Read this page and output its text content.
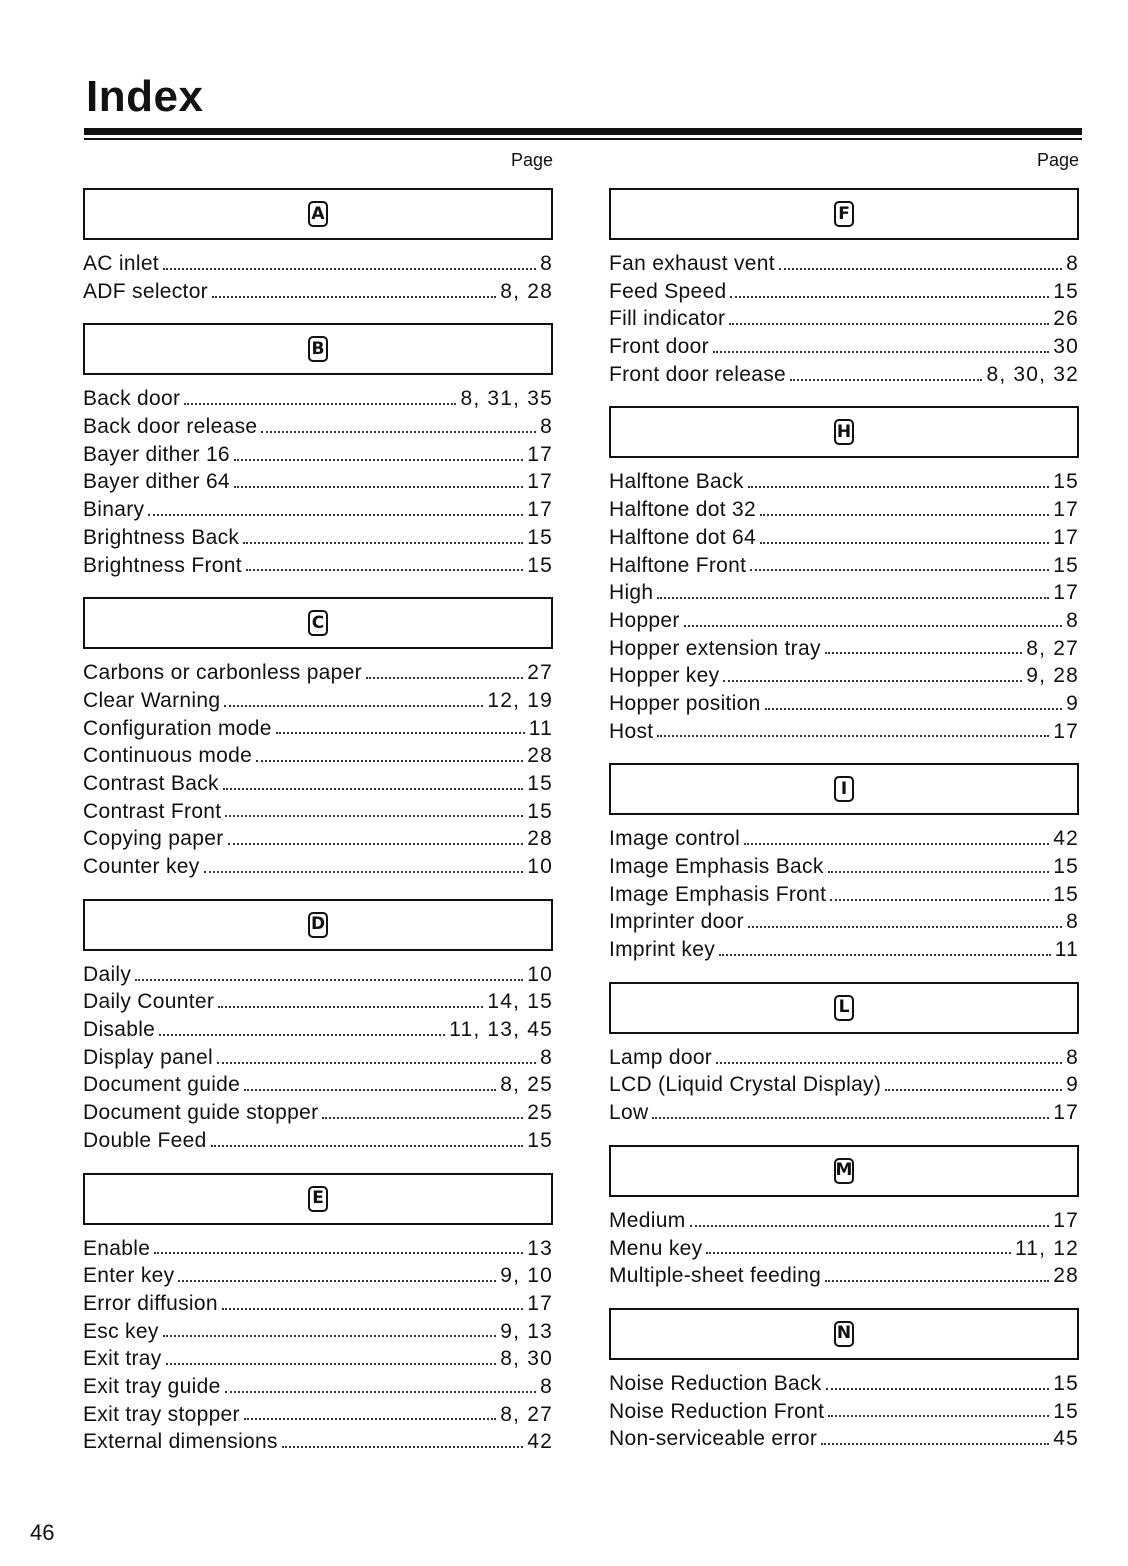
Index
Page
A
AC inlet	8
ADF selector	8, 28
B
Back door	8, 31, 35
Back door release	8
Bayer dither 16	17
Bayer dither 64	17
Binary	17
Brightness Back	15
Brightness Front	15
C
Carbons or carbonless paper	27
Clear Warning	12, 19
Configuration mode	11
Continuous mode	28
Contrast Back	15
Contrast Front	15
Copying paper	28
Counter key	10
D
Daily	10
Daily Counter	14, 15
Disable	11, 13, 45
Display panel	8
Document guide	8, 25
Document guide stopper	25
Double Feed	15
E
Enable	13
Enter key	9, 10
Error diffusion	17
Esc key	9, 13
Exit tray	8, 30
Exit tray guide	8
Exit tray stopper	8, 27
External dimensions	42
Page
F
Fan exhaust vent	8
Feed Speed	15
Fill indicator	26
Front door	30
Front door release	8, 30, 32
H
Halftone Back	15
Halftone dot 32	17
Halftone dot 64	17
Halftone Front	15
High	17
Hopper	8
Hopper extension tray	8, 27
Hopper key	9, 28
Hopper position	9
Host	17
I
Image control	42
Image Emphasis Back	15
Image Emphasis Front	15
Imprinter door	8
Imprint key	11
L
Lamp door	8
LCD (Liquid Crystal Display)	9
Low	17
M
Medium	17
Menu key	11, 12
Multiple-sheet feeding	28
N
Noise Reduction Back	15
Noise Reduction Front	15
Non-serviceable error	45
46
